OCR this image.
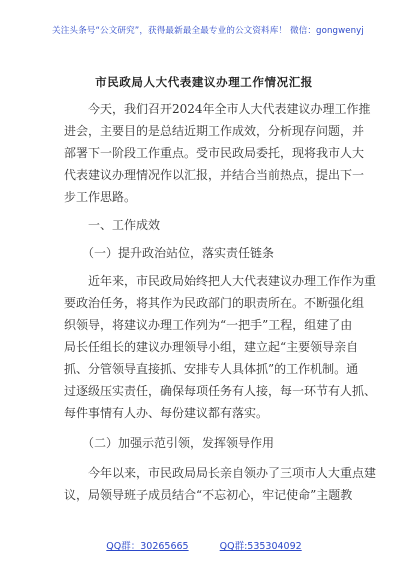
关注头条号“公文研究”，获得最新最全最专业的公文资料库！ 微信：gongwenyj
市民政局人大代表建议办理工作情况汇报
　　今天，我们召开2024年全市人大代表建议办理工作推
进会，主要目的是总结近期工作成效，分析现存问题，并
部署下一阶段工作重点。受市民政局委托，现将我市人大
代表建议办理情况作以汇报，并结合当前热点，提出下一
步工作思路。
　　一、工作成效
　　（一）提升政治站位，落实责任链条
　　近年来，市民政局始终把人大代表建议办理工作作为重
要政治任务，将其作为民政部门的职责所在。不断强化组
织领导，将建议办理工作列为“一把手”工程，组建了由
局长任组长的建议办理领导小组，建立起“主要领导亲自
抓、分管领导直接抓、安排专人具体抓”的工作机制。通
过逐级压实责任，确保每项任务有人接，每一环节有人抓、
每件事情有人办、每份建议都有落实。
　　（二）加强示范引领，发挥领导作用
　　今年以来，市民政局局长亲自领办了三项市人大重点建
议，局领导班子成员结合“不忘初心，牢记使命”主题教
QQ群：30265665	QQ群:535304092
